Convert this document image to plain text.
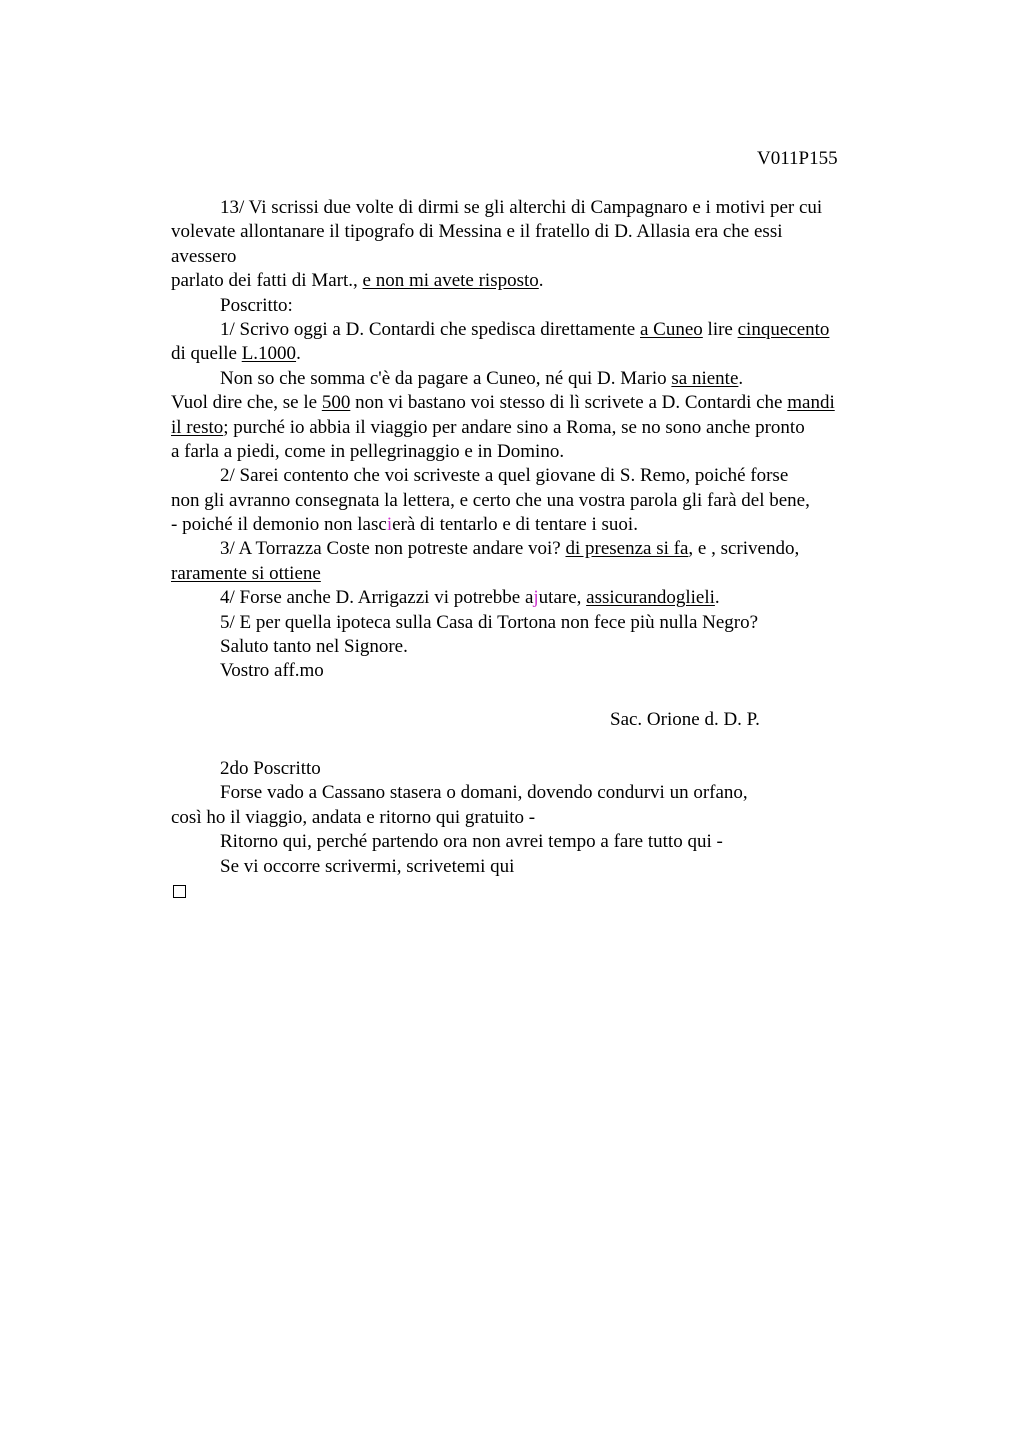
V011P155
13/ Vi scrissi due volte di dirmi se gli alterchi di Campagnaro e i motivi per cui
volevate allontanare il tipografo di Messina e il fratello di D. Allasia era che essi
avessero
parlato dei fatti di Mart., e non mi avete risposto.
Poscritto:
1/ Scrivo oggi a D. Contardi che spedisca direttamente a Cuneo lire cinquecento
di quelle L.1000.
Non so che somma c'è da pagare a Cuneo, né qui D. Mario sa niente.
Vuol dire che, se le 500 non vi bastano voi stesso di lì scrivete a D. Contardi che mandi
il resto; purché io abbia il viaggio per andare sino a Roma, se no sono anche pronto
a farla a piedi, come in pellegrinaggio e in Domino.
2/ Sarei contento che voi scriveste a quel giovane di S. Remo, poiché forse
non gli avranno consegnata la lettera, e certo che una vostra parola gli farà del bene,
- poiché il demonio non lascierà di tentarlo e di tentare i suoi.
3/ A Torrazza Coste non potreste andare voi? di presenza si fa, e , scrivendo,
raramente si ottiene
4/ Forse anche D. Arrigazzi vi potrebbe ajutare, assicurandoglieli.
5/ E per quella ipoteca sulla Casa di Tortona non fece più nulla Negro?
Saluto tanto nel Signore.
Vostro aff.mo
Sac. Orione d. D. P.
2do Poscritto
Forse vado a Cassano stasera o domani, dovendo condurvi un orfano,
così ho il viaggio, andata e ritorno qui gratuito -
Ritorno qui, perché partendo ora non avrei tempo a fare tutto qui -
Se vi occorre scrivermi, scrivetemi qui
